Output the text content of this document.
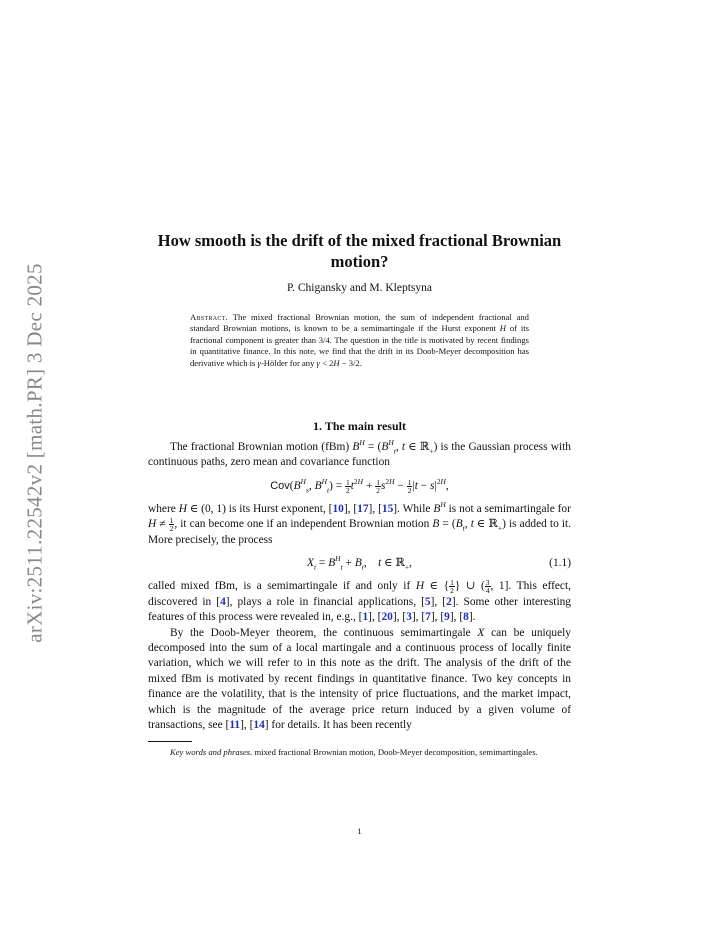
arXiv:2511.22542v2 [math.PR] 3 Dec 2025
How smooth is the drift of the mixed fractional Brownian motion?
P. Chigansky and M. Kleptsyna
Abstract. The mixed fractional Brownian motion, the sum of independent fractional and standard Brownian motions, is known to be a semimartingale if the Hurst exponent H of its fractional component is greater than 3/4. The question in the title is motivated by recent findings in quantitative finance. In this note, we find that the drift in its Doob-Meyer decomposition has derivative which is γ-Hölder for any γ < 2H − 3/2.
1. The main result

The fractional Brownian motion (fBm) $B^H = (B^H_t$, t ∈ ℝ$_+$) is the Gaussian process with continuous paths, zero mean and covariance function

$Cov(B^H_s$, $B^H_t) = \frac{1}{2} t^{2H} + \frac{1}{2} s^{2H} - \frac{1}{2} |t - s|^{2H}$,

where H ∈ (0, 1) is its Hurst exponent, [10], [17], [15]. While $B^H$ is not a semimartingale for $H \ne \frac{1}{2}$ , it can become one if an independent Brownian motion $B = (B_t$, t ∈ ℝ$_+$) is added to it. More precisely, the process

$X_t = B^H_t + B_t$,    t ∈ ℝ$_+$,	(1.1)

called mixed fBm, is a semimartingale if and only if H ∈ { $\frac{1}{2}$ } ∪ ( $\frac{3}{4}$ , 1]. This effect, discovered in [4], plays a role in financial applications, [5], [2]. Some other interesting features of this process were revealed in, e.g., [1], [20], [3], [7], [9], [8].

By the Doob-Meyer theorem, the continuous semimartingale X can be uniquely decomposed into the sum of a local martingale and a continuous process of locally finite variation, which we will refer to in this note as the drift. The analysis of the drift of the mixed fBm is motivated by recent findings in quantitative finance. Two key concepts in finance are the volatility, that is the intensity of price fluctuations, and the market impact, which is the magnitude of the average price return induced by a given volume of transactions, see [11], [14] for details. It has been recently

Key words and phrases. mixed fractional Brownian motion, Doob-Meyer decomposition, semimartingales.

1
